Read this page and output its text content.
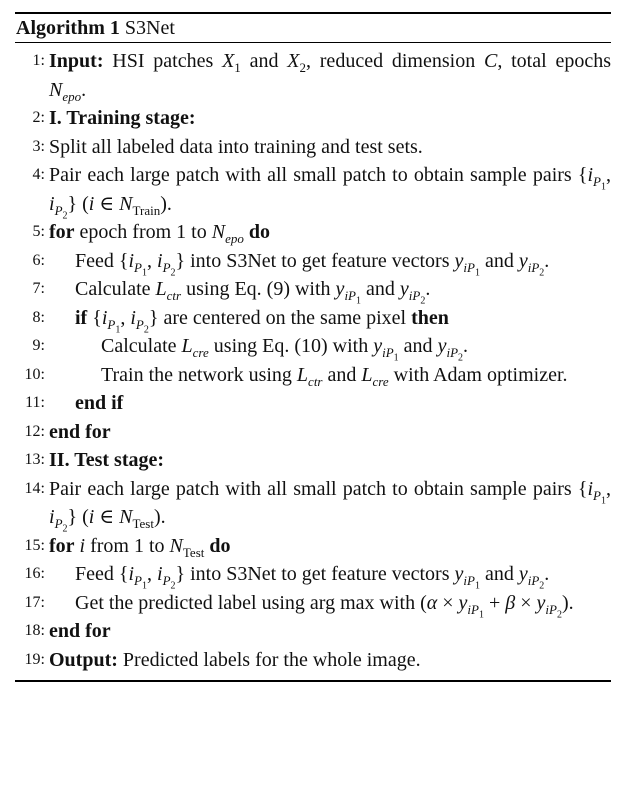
Algorithm 1 S3Net
1: Input: HSI patches $X_1$ and $X_2$, reduced dimension C, total epochs $N_{epo}$.
2: I. Training stage:
3: Split all labeled data into training and test sets.
4: Pair each large patch with all small patch to obtain sample pairs {$i_{P_1}$, $i_{P_2}$} (i ∈ $N_{Train}$).
5: for epoch from 1 to $N_{epo}$ do
6:	Feed {$i_{P_1}$, $i_{P_2}$} into S3Net to get feature vectors $y_{iP_1}$ and $y_{iP_2}$.
7:	Calculate $L_{ctr}$ using Eq. (9) with $y_{iP_1}$ and $y_{iP_2}$.
8:	if {$i_{P_1}$, $i_{P_2}$} are centered on the same pixel then
9:	Calculate $L_{cre}$ using Eq. (10) with $y_{iP_1}$ and $y_{iP_2}$.
10:	Train the network using $L_{ctr}$ and $L_{cre}$ with Adam optimizer.
11:	end if
12: end for
13: II. Test stage:
14: Pair each large patch with all small patch to obtain sample pairs {$i_{P_1}$, $i_{P_2}$} (i ∈ $N_{Test}$).
15: for i from 1 to $N_{Test}$ do
16:	Feed {$i_{P_1}$, $i_{P_2}$} into S3Net to get feature vectors $y_{iP_1}$ and $y_{iP_2}$.
17:	Get the predicted label using arg max with $(\alpha \times y_{iP_1} + \beta \times y_{iP_2})$.
18: end for
19: Output: Predicted labels for the whole image.
